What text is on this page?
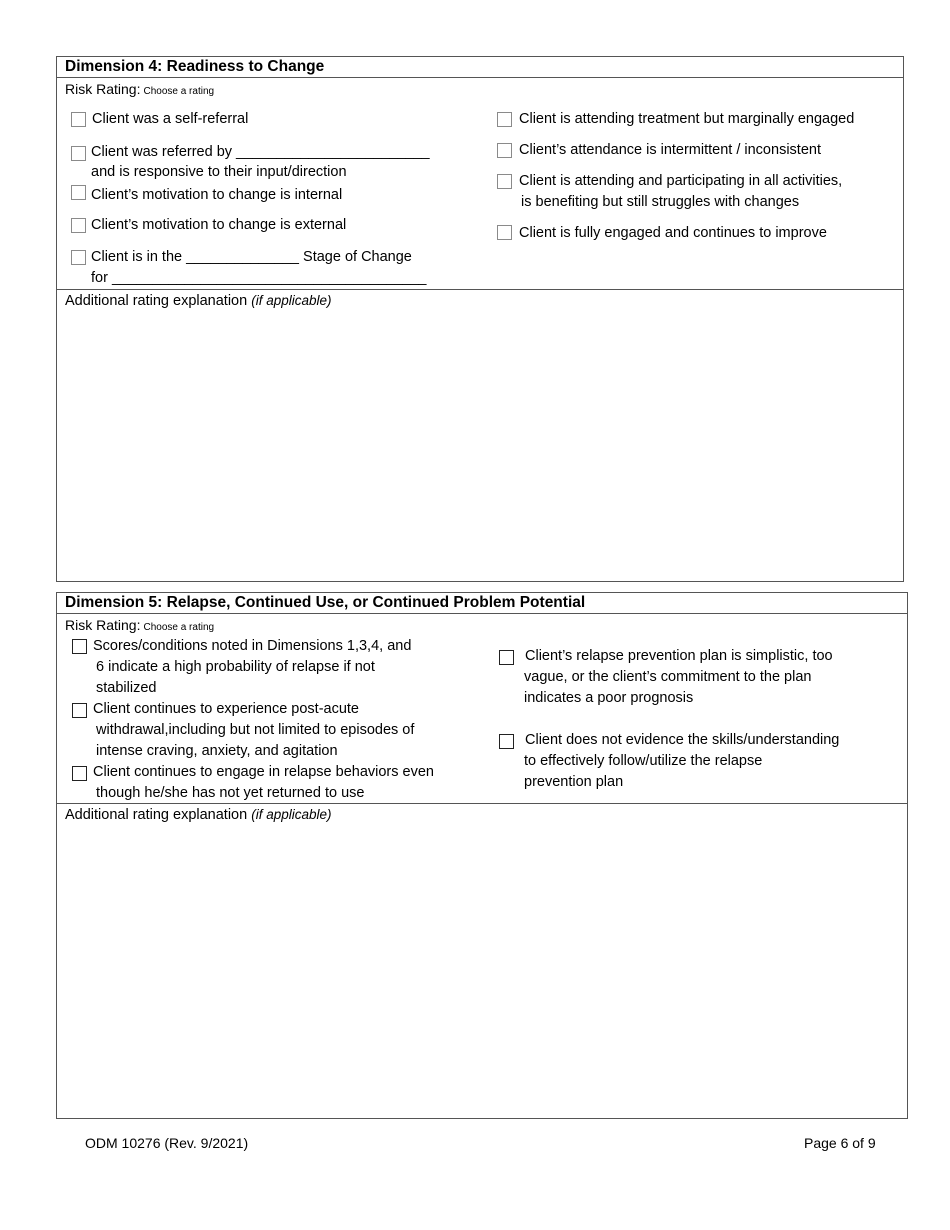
Dimension 4: Readiness to Change
Risk Rating: Choose a rating
Client was a self-referral
Client was referred by ________________________
and is responsive to their input/direction
Client’s motivation to change is internal
Client’s motivation to change is external
Client is in the ______________ Stage of Change
for _______________________________________
Client is attending treatment but marginally engaged
Client’s attendance is intermittent / inconsistent
Client is attending and participating in all activities,
is benefiting but still struggles with changes
Client is fully engaged and continues to improve
Additional rating explanation (if applicable)
Dimension 5: Relapse, Continued Use, or Continued Problem Potential
Risk Rating: Choose a rating
Scores/conditions noted in Dimensions 1,3,4, and
6 indicate a high probability of relapse if not
stabilized
Client continues to experience post-acute
withdrawal,including but not limited to episodes of
intense craving, anxiety, and agitation
Client continues to engage in relapse behaviors even
though he/she has not yet returned to use
Client’s relapse prevention plan is simplistic, too
vague, or the client’s commitment to the plan
indicates a poor prognosis
Client does not evidence the skills/understanding
to effectively follow/utilize the relapse
prevention plan
Additional rating explanation (if applicable)
ODM 10276 (Rev. 9/2021)	Page 6 of 9
